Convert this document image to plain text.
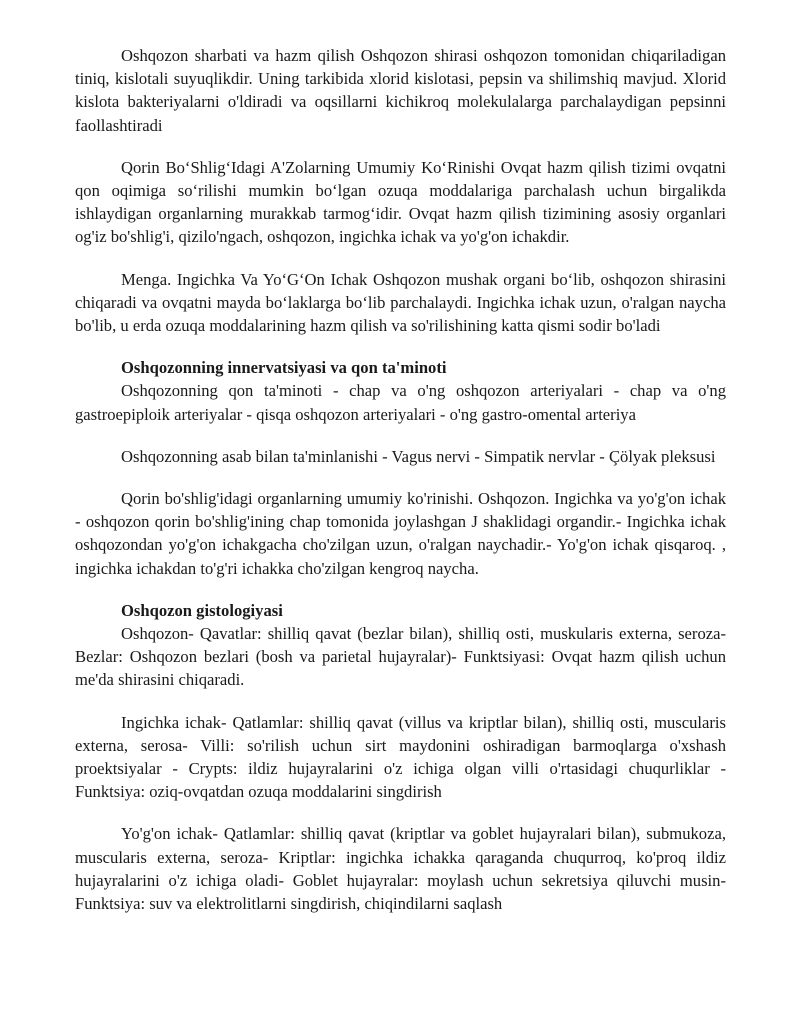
Oshqozon sharbati va hazm qilish Oshqozon shirasi oshqozon tomonidan chiqariladigan tiniq, kislotali suyuqlikdir. Uning tarkibida xlorid kislotasi, pepsin va shilimshiq mavjud. Xlorid kislota bakteriyalarni o'ldiradi va oqsillarni kichikroq molekulalarga parchalaydigan pepsinni faollashtiradi

Qorin Bo‘Shlig‘Idagi A'Zolarning Umumiy Ko‘Rinishi Ovqat hazm qilish tizimi ovqatni qon oqimiga so‘rilishi mumkin bo‘lgan ozuqa moddalariga parchalash uchun birgalikda ishlaydigan organlarning murakkab tarmog‘idir. Ovqat hazm qilish tizimining asosiy organlari og'iz bo'shlig'i, qizilo'ngach, oshqozon, ingichka ichak va yo'g'on ichakdir.

Menga. Ingichka Va Yo‘G‘On Ichak Oshqozon mushak organi bo‘lib, oshqozon shirasini chiqaradi va ovqatni mayda bo‘laklarga bo‘lib parchalaydi. Ingichka ichak uzun, o'ralgan naycha bo'lib, u erda ozuqa moddalarining hazm qilish va so'rilishining katta qismi sodir bo'ladi

Oshqozonning innervatsiyasi va qon ta'minoti

Oshqozonning qon ta'minoti - chap va o'ng oshqozon arteriyalari - chap va o'ng gastroepiploik arteriyalar - qisqa oshqozon arteriyalari - o'ng gastro-omental arteriya

Oshqozonning asab bilan ta'minlanishi - Vagus nervi - Simpatik nervlar - Çölyak pleksusi

Qorin bo'shlig'idagi organlarning umumiy ko'rinishi. Oshqozon. Ingichka va yo'g'on ichak - oshqozon qorin bo'shlig'ining chap tomonida joylashgan J shaklidagi organdir.- Ingichka ichak oshqozondan yo'g'on ichakgacha cho'zilgan uzun, o'ralgan naychadir.- Yo'g'on ichak qisqaroq. , ingichka ichakdan to'g'ri ichakka cho'zilgan kengroq naycha.

Oshqozon gistologiyasi

Oshqozon- Qavatlar: shilliq qavat (bezlar bilan), shilliq osti, muskularis externa, seroza- Bezlar: Oshqozon bezlari (bosh va parietal hujayralar)- Funktsiyasi: Ovqat hazm qilish uchun me'da shirasini chiqaradi.

Ingichka ichak- Qatlamlar: shilliq qavat (villus va kriptlar bilan), shilliq osti, muscularis externa, serosa- Villi: so'rilish uchun sirt maydonini oshiradigan barmoqlarga o'xshash proektsiyalar - Crypts: ildiz hujayralarini o'z ichiga olgan villi o'rtasidagi chuqurliklar - Funktsiya: oziq-ovqatdan ozuqa moddalarini singdirish

Yo'g'on ichak- Qatlamlar: shilliq qavat (kriptlar va goblet hujayralari bilan), submukoza, muscularis externa, seroza- Kriptlar: ingichka ichakka qaraganda chuqurroq, ko'proq ildiz hujayralarini o'z ichiga oladi- Goblet hujayralar: moylash uchun sekretsiya qiluvchi musin- Funktsiya: suv va elektrolitlarni singdirish, chiqindilarni saqlash
